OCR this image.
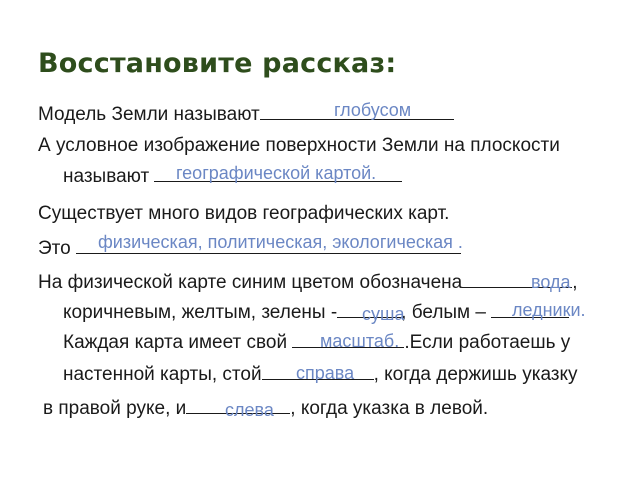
Восстановите рассказ:
Модель Земли называют	глобусом
А условное изображение поверхности Земли на плоскости
называют	географической картой.
Существует много видов географических карт.
Это	физическая, политическая, экологическая .
На физической карте синим цветом обозначена	,
вода
коричневым, желтым, зелены -	, белым –
суша	ледники.
Каждая карта имеет свой	.Если работаешь у
масштаб.
настенной карты, стой	, когда держишь указку
справа
в правой руке, и	, когда указка в левой.
слева
